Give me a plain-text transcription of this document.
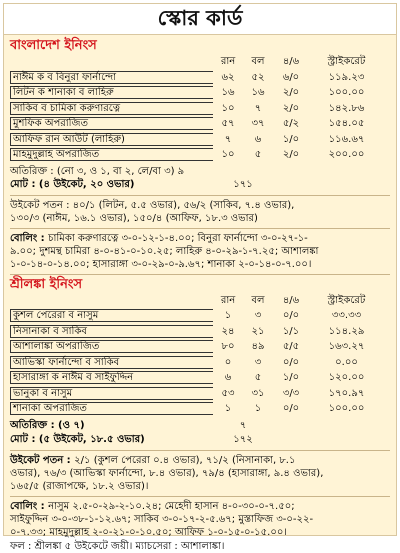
স্কোর কার্ড
বাংলাদেশ ইনিংস
রান	বল	৪/৬	স্ট্রাইকরেট
নাঈম ক ব বিনুরা ফার্নান্দো	৬২	৫২	৬/০	১১৯.২৩
লিটন ক শানাকা ব লাহিরু	১৬	১৬	২/০	১০০.০০
সাকিব ব চামিকা করুণারত্নে	১০	৭	২/০	১৪২.৮৬
মুশফিক অপরাজিত	৫৭	৩৭	৫/২	১৫৪.০৫
আফিফ রান আউট (লাহিরু)	৭	৬	১/০	১১৬.৬৭
মাহমুদুল্লাহ অপরাজিত	১০	৫	২/০	২০০.০০
অতিরিক্ত : (নো ৩, ও ১, বা ২, লে/বা ৩) ৯
মোট : (৪ উইকেট, ২০ ওভার)	১৭১
উইকেট পতন : ৪০/১ (লিটন, ৫.৫ ওভার), ৫৬/২ (সাকিব, ৭.৪ ওভার),
১৩০/৩ (নাঈম, ১৬.১ ওভার), ১৫০/৪ (আফিফ, ১৮.৩ ওভার)
বোলিং : চামিকা করুণারত্নে ৩-০-১২-১-৪.০০; বিনুরা ফার্নান্দো ৩-০-২৭-১-
৯.০০; দুশমন্থ চামিরা ৪-০-৪১-০-১০.২৫; লাহিরু ৪-০-২৯-১-৭.২৫; আশালঙ্কা
১-০-১৪-০-১৪.০০; হাসারাঙ্গা ৩-০-২৯-০-৯.৬৭; শানাকা ২-০-১৪-০-৭.০০।
শ্রীলঙ্কা ইনিংস
রান	বল	৪/৬	স্ট্রাইকরেট
কুশল পেরেরা ব নাসুম	১	৩	০/০	৩৩.৩৩
নিসানাকা ব সাকিব	২৪	২১	১/১	১১৪.২৯
আশালাঙ্কা অপরাজিত	৮০	৪৯	৫/৫	১৬৩.২৭
আভিস্কা ফার্নান্দো ব সাকিব	০	৩	০/০	০.০০
হাসারাঙ্গা ক নাঈম ব সাইফুদ্দিন	৬	৫	১/০	১২০.০০
ভানুকা ব নাসুম	৫৩	৩১	৩/৩	১৭০.৯৭
শানাকা অপরাজিত	১	১	০/০	১০০.০০
অতিরিক্ত : (ও ৭)	৭
মোট : (৫ উইকেট, ১৮.৫ ওভার)	১৭২
উইকেট পতন : ২/১ (কুশল পেরেরা ০.৪ ওভার), ৭১/২ (নিসানাকা, ৮.১
ওভার), ৭৬/৩ (আভিস্কা ফার্নান্দো, ৮.৪ ওভার), ৭৯/৪ (হাসারাঙ্গা, ৯.৪ ওভার),
১৬৫/৫ (রাজাপক্ষে, ১৮.২ ওভার)।
বোলিং : নাসুম ২.৫-০-২৯-২-১০.২৪; মেহেদী হাসান ৪-০-৩০-০-৭.৫০;
সাইফুদ্দিন ৩-০-৩৮-১-১২.৬৭; সাকিব ৩-০-১৭-২-৫.৬৭; মুস্তাফিজ ৩-০-২২-
০-৭.৩৩; মাহমুদুল্লাহ ২-০-২১-০-১০.৫০; আফিফ ১-০-১৫-০-১৫.০০।
ফল : শ্রীলঙ্কা ৫ উইকেটে জয়ী। ম্যাচসেরা : আশালাঙ্কা।
